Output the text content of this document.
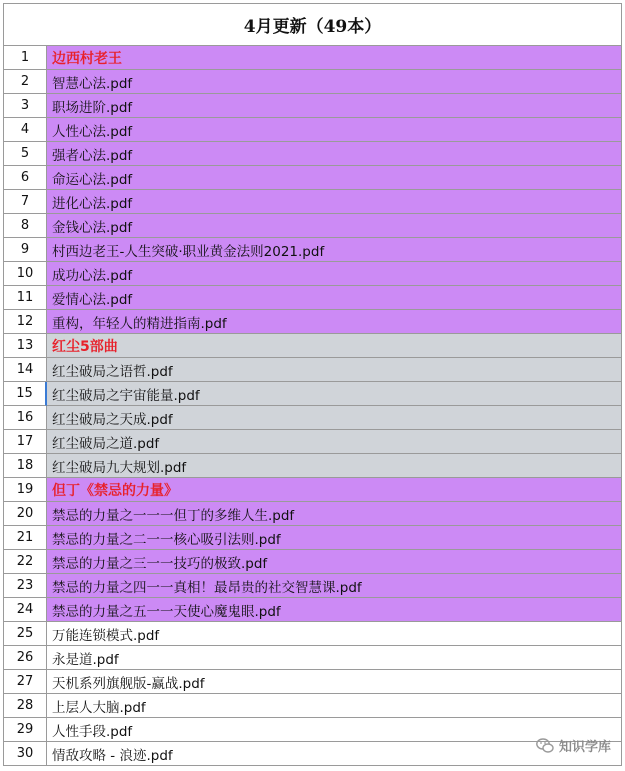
4月更新（49本）
1	边西村老王
2	智慧心法.pdf
3	职场进阶.pdf
4	人性心法.pdf
5	强者心法.pdf
6	命运心法.pdf
7	进化心法.pdf
8	金钱心法.pdf
9	村西边老王-人生突破·职业黄金法则2021.pdf
10	成功心法.pdf
11	爱情心法.pdf
12	重构，年轻人的精进指南.pdf
13	红尘5部曲
14	红尘破局之语哲.pdf
15	红尘破局之宇宙能量.pdf
16	红尘破局之天成.pdf
17	红尘破局之道.pdf
18	红尘破局九大规划.pdf
19	但丁《禁忌的力量》
20	禁忌的力量之一一一但丁的多维人生.pdf
21	禁忌的力量之二一一核心吸引法则.pdf
22	禁忌的力量之三一一技巧的极致.pdf
23	禁忌的力量之四一一真相！最昂贵的社交智慧课.pdf
24	禁忌的力量之五一一天使心魔鬼眼.pdf
25	万能连锁模式.pdf
26	永是道.pdf
27	天机系列旗舰版-赢战.pdf
28	上层人大脑.pdf
29	人性手段.pdf
30	情敌攻略 - 浪迹.pdf	知识学库
